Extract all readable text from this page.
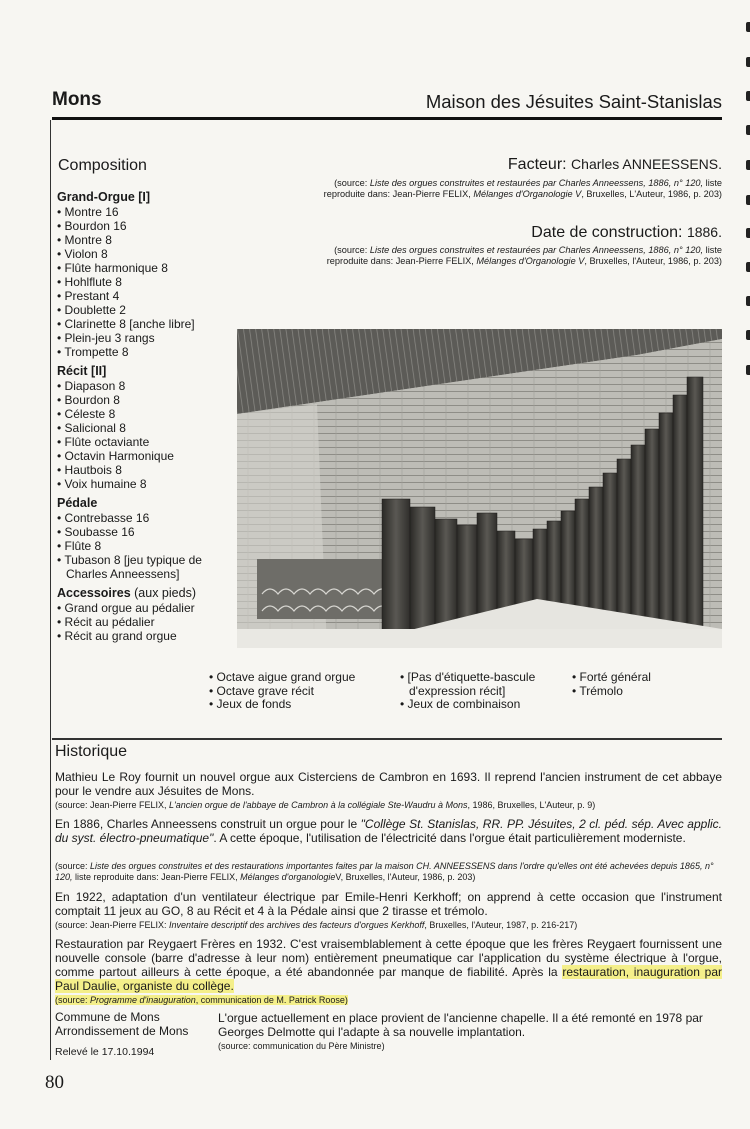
Mons	Maison des Jésuites Saint-Stanislas
Composition
Grand-Orgue [I]
• Montre 16
• Bourdon 16
• Montre 8
• Violon 8
• Flûte harmonique 8
• Hohlflute 8
• Prestant 4
• Doublette 2
• Clarinette 8 [anche libre]
• Plein-jeu 3 rangs
• Trompette 8
Récit [II]
• Diapason 8
• Bourdon 8
• Céleste 8
• Salicional 8
• Flûte octaviante
• Octavin Harmonique
• Hautbois 8
• Voix humaine 8
Pédale
• Contrebasse 16
• Soubasse 16
• Flûte 8
• Tubason 8 [jeu typique de Charles Anneessens]
Accessoires (aux pieds)
• Grand orgue au pédalier
• Récit au pédalier
• Récit au grand orgue
Facteur: Charles ANNEESSENS.
(source: Liste des orgues construites et restaurées par Charles Anneessens, 1886, n° 120, liste reproduite dans: Jean-Pierre FELIX, Mélanges d'Organologie V, Bruxelles, L'Auteur, 1986, p. 203)
Date de construction: 1886.
(source: Liste des orgues construites et restaurées par Charles Anneessens, 1886, n° 120, liste reproduite dans: Jean-Pierre FELIX, Mélanges d'Organologie V, Bruxelles, l'Auteur, 1986, p. 203)
• Octave aigue grand orgue
• Octave grave récit
• Jeux de fonds
• [Pas d'étiquette-bascule d'expression récit]
• Jeux de combinaison
• Forté général
• Trémolo
Historique
Mathieu Le Roy fournit un nouvel orgue aux Cisterciens de Cambron en 1693. Il reprend l'ancien instrument de cet abbaye pour le vendre aux Jésuites de Mons.
(source: Jean-Pierre FELIX, L'ancien orgue de l'abbaye de Cambron à la collégiale Ste-Waudru à Mons, 1986, Bruxelles, L'Auteur, p. 9)
En 1886, Charles Anneessens construit un orgue pour le "Collège St. Stanislas, RR. PP. Jésuites, 2 cl. péd. sép. Avec applic. du syst. électro-pneumatique". A cette époque, l'utilisation de l'électricité dans l'orgue était particulièrement moderniste.
(source: Liste des orgues construites et des restaurations importantes faites par la maison CH. ANNEESSENS dans l'ordre qu'elles ont été achevées depuis 1865, n° 120, liste reproduite dans: Jean-Pierre FELIX, Mélanges d'organologieV, Bruxelles, l'Auteur, 1986, p. 203)
En 1922, adaptation d'un ventilateur électrique par Emile-Henri Kerkhoff; on apprend à cette occasion que l'instrument comptait 11 jeux au GO, 8 au Récit et 4 à la Pédale ainsi que 2 tirasse et trémolo.
(source: Jean-Pierre FELIX: Inventaire descriptif des archives des facteurs d'orgues Kerkhoff, Bruxelles, l'Auteur, 1987, p. 216-217)
Restauration par Reygaert Frères en 1932. C'est vraisemblablement à cette époque que les frères Reygaert fournissent une nouvelle console (barre d'adresse à leur nom) entièrement pneumatique car l'application du système électrique à l'orgue, comme partout ailleurs à cette époque, a été abandonnée par manque de fiabilité. Après la restauration, inauguration par Paul Daulie, organiste du collège.
(source: Programme d'inauguration, communication de M. Patrick Roose)
Commune de Mons
Arrondissement de Mons
Relevé le 17.10.1994
L'orgue actuellement en place provient de l'ancienne chapelle. Il a été remonté en 1978 par Georges Delmotte qui l'adapte à sa nouvelle implantation.
(source: communication du Père Ministre)
80
